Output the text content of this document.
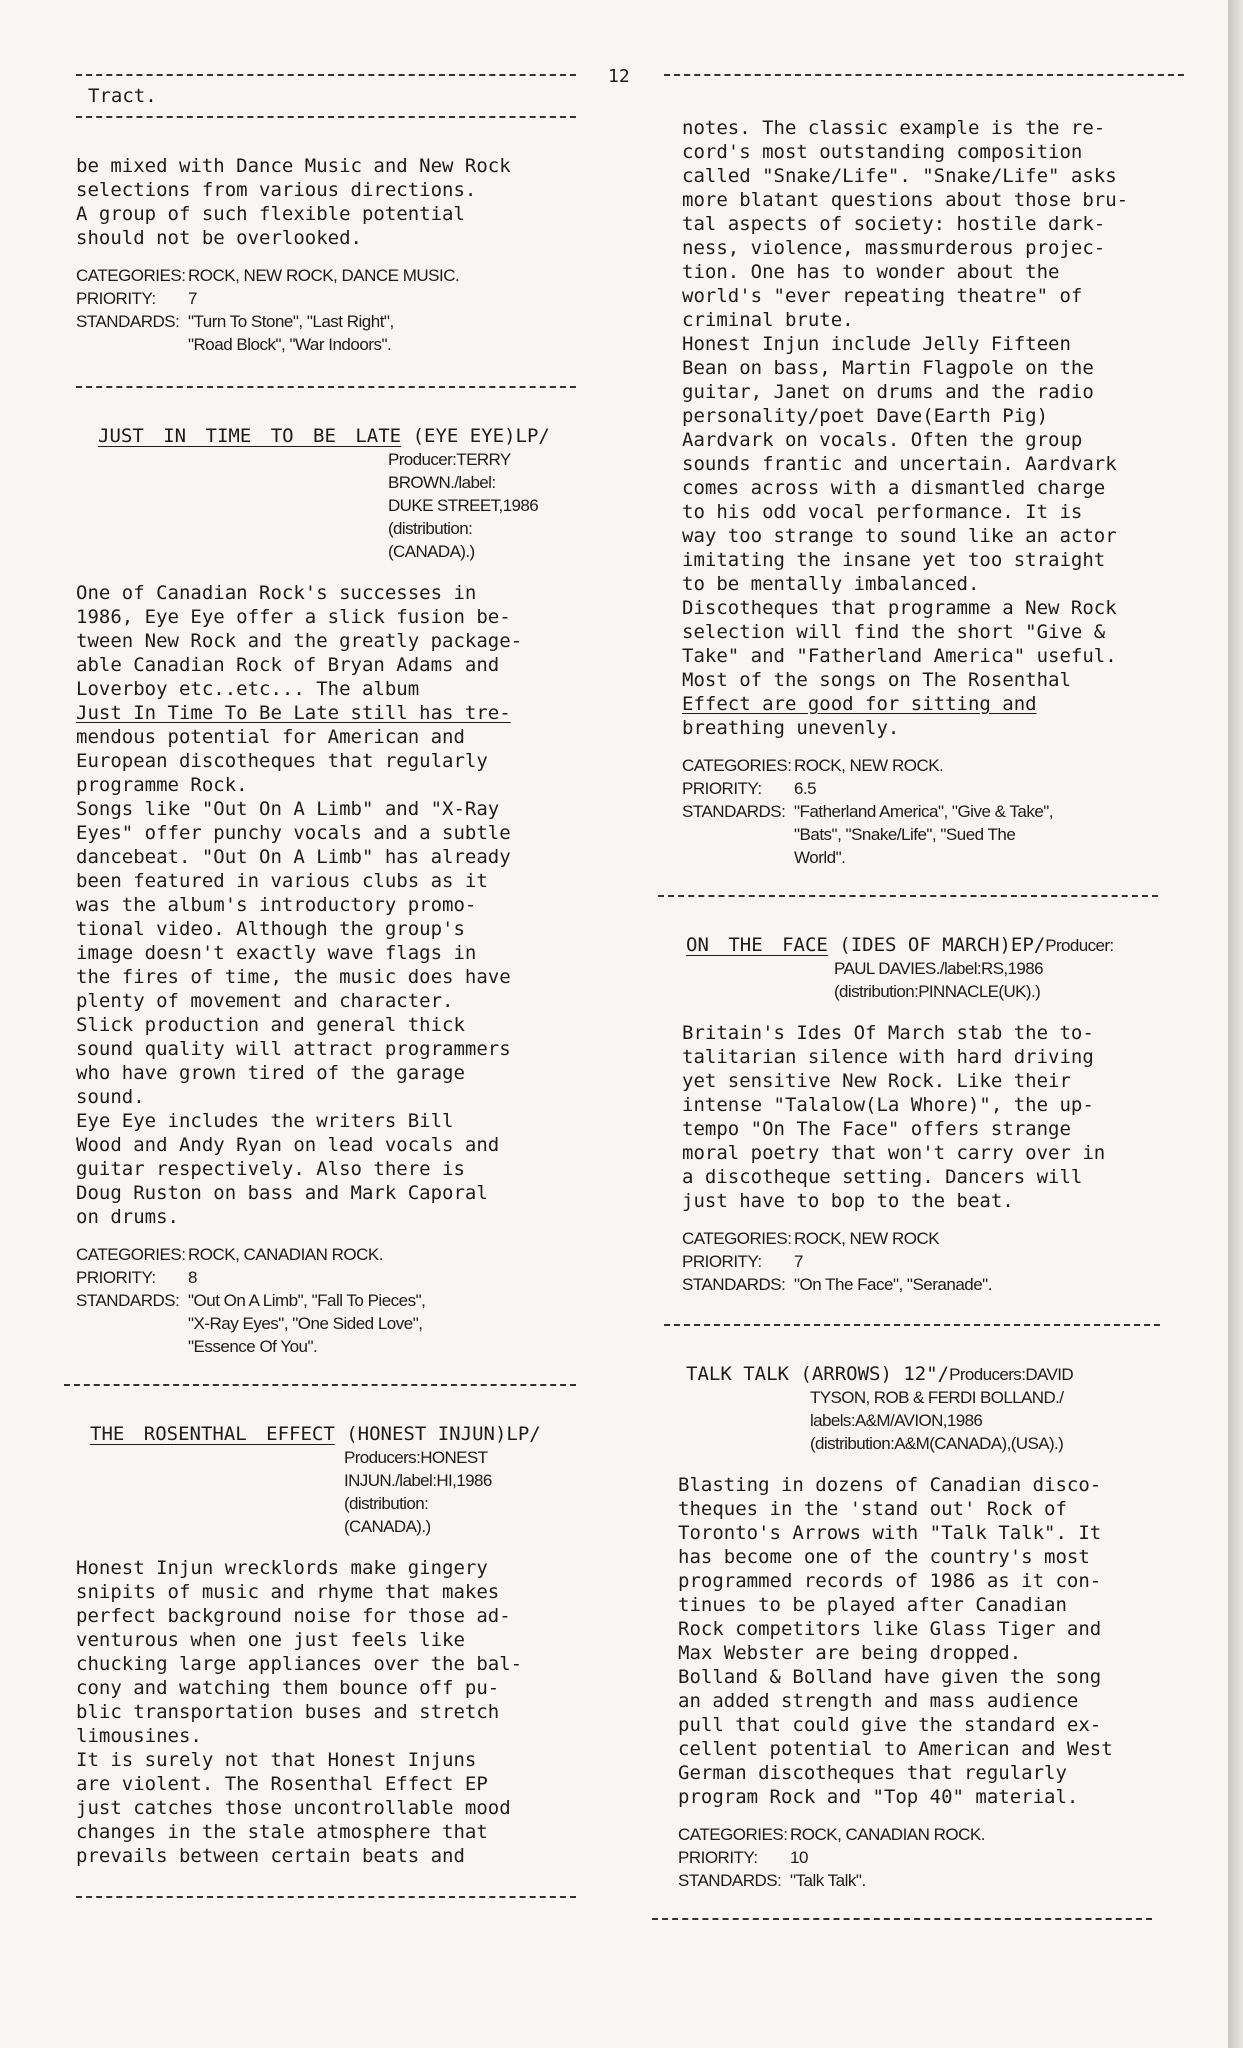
12
Tract.
be mixed with Dance Music and New Rock
selections from various directions.
A group of such flexible potential
should not be overlooked.
CATEGORIES: ROCK, NEW ROCK, DANCE MUSIC.
PRIORITY:	7
STANDARDS: "Turn To Stone", "Last Right",
"Road Block", "War Indoors".
JUST IN TIME TO BE LATE (EYE EYE)LP/
Producer:TERRY
BROWN./label:
DUKE STREET,1986
(distribution:
(CANADA).)
One of Canadian Rock's successes in
1986, Eye Eye offer a slick fusion be-
tween New Rock and the greatly package-
able Canadian Rock of Bryan Adams and
Loverboy etc..etc... The album
Just In Time To Be Late still has tre-
mendous potential for American and
European discotheques that regularly
programme Rock.
Songs like "Out On A Limb" and "X-Ray
Eyes" offer punchy vocals and a subtle
dancebeat. "Out On A Limb" has already
been featured in various clubs as it
was the album's introductory promo-
tional video. Although the group's
image doesn't exactly wave flags in
the fires of time, the music does have
plenty of movement and character.
Slick production and general thick
sound quality will attract programmers
who have grown tired of the garage
sound.
Eye Eye includes the writers Bill
Wood and Andy Ryan on lead vocals and
guitar respectively. Also there is
Doug Ruston on bass and Mark Caporal
on drums.
CATEGORIES: ROCK, CANADIAN ROCK.
PRIORITY:	8
STANDARDS: "Out On A Limb", "Fall To Pieces",
"X-Ray Eyes", "One Sided Love",
"Essence Of You".
THE ROSENTHAL EFFECT (HONEST INJUN)LP/
Producers:HONEST
INJUN./label:HI,1986
(distribution:
(CANADA).)
Honest Injun wrecklords make gingery
snipits of music and rhyme that makes
perfect background noise for those ad-
venturous when one just feels like
chucking large appliances over the bal-
cony and watching them bounce off pu-
blic transportation buses and stretch
limousines.
It is surely not that Honest Injuns
are violent. The Rosenthal Effect EP
just catches those uncontrollable mood
changes in the stale atmosphere that
prevails between certain beats and
notes. The classic example is the re-
cord's most outstanding composition
called "Snake/Life". "Snake/Life" asks
more blatant questions about those bru-
tal aspects of society: hostile dark-
ness, violence, massmurderous projec-
tion. One has to wonder about the
world's "ever repeating theatre" of
criminal brute.
Honest Injun include Jelly Fifteen
Bean on bass, Martin Flagpole on the
guitar, Janet on drums and the radio
personality/poet Dave(Earth Pig)
Aardvark on vocals. Often the group
sounds frantic and uncertain. Aardvark
comes across with a dismantled charge
to his odd vocal performance. It is
way too strange to sound like an actor
imitating the insane yet too straight
to be mentally imbalanced.
Discotheques that programme a New Rock
selection will find the short "Give &
Take" and "Fatherland America" useful.
Most of the songs on The Rosenthal
Effect are good for sitting and
breathing unevenly.
CATEGORIES: ROCK, NEW ROCK.
PRIORITY:	6.5
STANDARDS: "Fatherland America", "Give & Take",
"Bats", "Snake/Life", "Sued The
World".
ON THE FACE (IDES OF MARCH)EP/Producer:
PAUL DAVIES./label:RS,1986
(distribution:PINNACLE(UK).)
Britain's Ides Of March stab the to-
talitarian silence with hard driving
yet sensitive New Rock. Like their
intense "Talalow(La Whore)", the up-
tempo "On The Face" offers strange
moral poetry that won't carry over in
a discotheque setting. Dancers will
just have to bop to the beat.
CATEGORIES: ROCK, NEW ROCK
PRIORITY:	7
STANDARDS: "On The Face", "Seranade".
TALK TALK (ARROWS) 12"/Producers:DAVID
TYSON, ROB & FERDI BOLLAND./
labels:A&M/AVION,1986
(distribution:A&M(CANADA),(USA).)
Blasting in dozens of Canadian disco-
theques in the 'stand out' Rock of
Toronto's Arrows with "Talk Talk". It
has become one of the country's most
programmed records of 1986 as it con-
tinues to be played after Canadian
Rock competitors like Glass Tiger and
Max Webster are being dropped.
Bolland & Bolland have given the song
an added strength and mass audience
pull that could give the standard ex-
cellent potential to American and West
German discotheques that regularly
program Rock and "Top 40" material.
CATEGORIES: ROCK, CANADIAN ROCK.
PRIORITY:	10
STANDARDS: "Talk Talk".
